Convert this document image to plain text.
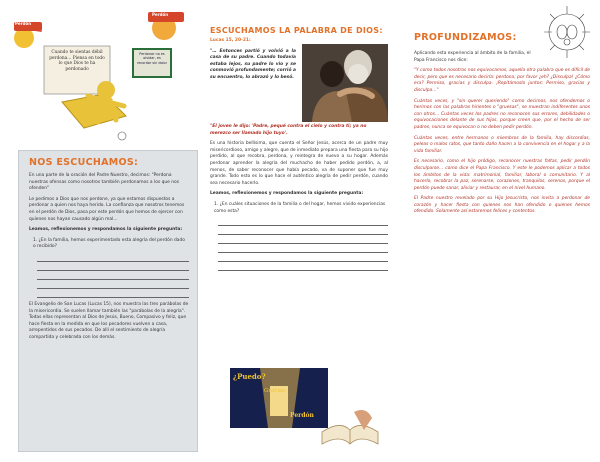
Perdón
Perdón
Cuando te sientas débil perdona... Piensa en todo lo que Dios te ha perdonado
Perdonar no es olvidar, es recordar sin dolor
NOS ESCUCHAMOS:

En una parte de la oración del Padre Nuestro, decimos: "Perdona nuestras ofensas como nosotros también perdonamos a los que nos ofenden"

Le pedimos a Dios que nos perdone, ya que estamos dispuestos a perdonar a quien nos haya herido. La confianza que nosotros tenemos en el perdón de Dios, pasa por este perdón que hemos de ejercer con quienes nos hayan causado algún mal...

Leamos, reflexionemos y respondamos la siguiente pregunta:

1. ¿En la familia, hemos experimentado esta alegría del perdón dado o recibido?

El Evangelio de San Lucas (Lucas 15), nos muestra las tres parábolas de la misericordia. Se suelen llamar también las "parábolas de la alegría". Todas ellas representan al Dios de Jesús, Bueno, Compasivo y feliz, que hace fiesta en la medida en que los pecadores vuelven a casa, arrepentidos de sus pecados. De allí el sentimiento de alegría compartida y celebrada con los demás.

ESCUCHAMOS LA PALABRA DE DIOS:
Lucas 15, 20-21:

"… Entonces partió y volvió a la casa de su padre. Cuando todavía estaba lejos, su padre lo vio y se conmovió profundamente; corrió a su encuentro, lo abrazó y lo besó.

"El joven le dijo: 'Padre, pequé contra el cielo y contra ti; ya no merezco ser llamado hijo tuyo'.

Es una historia bellísima, que cuenta el Señor Jesús, acerca de un padre muy misericordioso, amigo y alegre, que de inmediato prepara una fiesta para su hijo perdido, al que recobra, perdona, y reintegra de nuevo a su hogar. Además perdonar aprender la alegría del muchacho de haber pedido perdón, a, al menos, de saber reconocer que había pecado, va de suponer que fue muy grande. Todo esto es lo que hace el auténtico alegría de pedir perdón, cuando sea necesario hacerlo.

Leamos, reflexionemos y respondamos la siguiente pregunta:

1. ¿En cuáles situaciones de la familia o del hogar, hemos vivido experiencias como esta?

¿Puedo?
Gracias
Perdón
PROFUNDIZAMOS:

Aplicando esta experiencia al ámbito de la familia, el Papa Francisco nos dice:

"Y como todos nosotros nos equivocamos, aquella otra palabra que es difícil de decir, pero que es necesario decirla: perdona, por favor ¿eh? ¿Disculpa! ¿Cómo era? Permiso, gracias y disculpa. ¡Repitámoslo juntos: Permiso, gracias y disculpa…"

Cuántas veces, y "sin querer queriendo" como decimos, nos ofendemos o herimos con las palabras hirientes o "gruesas", se muestran indiferentes unos con otros… Cuántas veces los padres no reconocen sus errores, debilidades o equivocaciones delante de sus hijos, porque creen que, por el hecho de ser padres, nunca se equivocan o no deben pedir perdón.

Cuántas veces, entre hermanos o miembros de la familia, hay discordias, peleas o malos ratos, que tanto daño hacen a la convivencia en el hogar y a la vida familiar.

Es necesario, como el hijo pródigo, reconocer nuestras faltas, pedir perdón disculparse… como dice el Papa Francisco. Y este le podemos aplicar a todos los ámbitos de la vida: matrimonial, familiar, laboral o comunitario. Y al hacerlo, recobrar la paz, serenarse, corazones, tranquilos, serenos, porque el perdón puede sanar, aliviar y restaurar, en el nivel humano.

El Padre nuestro revelado por su Hijo Jesucristo, nos invita a perdonar de corazón y hacer fiesta con quienes nos han ofendido o quienes hemos ofendido. Solamente así estaremos felices y contentos.
